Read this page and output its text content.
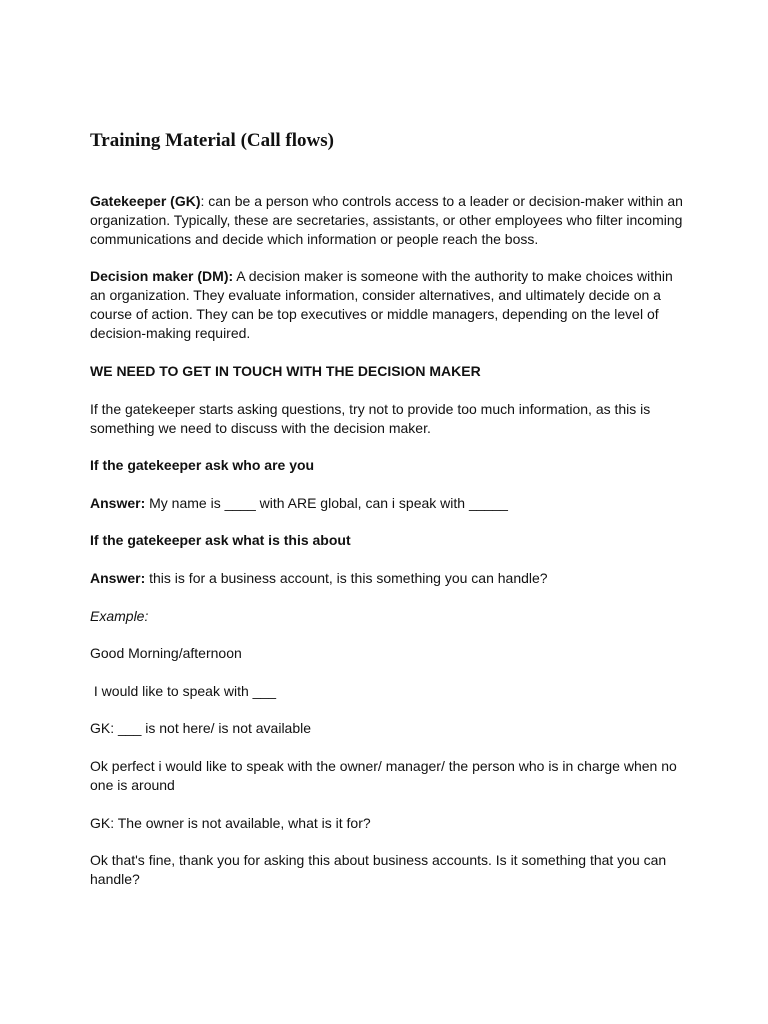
Training Material (Call flows)

Gatekeeper (GK): can be a person who controls access to a leader or decision-maker within an organization. Typically, these are secretaries, assistants, or other employees who filter incoming communications and decide which information or people reach the boss.

Decision maker (DM): A decision maker is someone with the authority to make choices within an organization. They evaluate information, consider alternatives, and ultimately decide on a course of action. They can be top executives or middle managers, depending on the level of decision-making required.

WE NEED TO GET IN TOUCH WITH THE DECISION MAKER

If the gatekeeper starts asking questions, try not to provide too much information, as this is something we need to discuss with the decision maker.

If the gatekeeper ask who are you

Answer: My name is ____ with ARE global, can i speak with _____

If the gatekeeper ask what is this about

Answer: this is for a business account, is this something you can handle?

Example:

Good Morning/afternoon

I would like to speak with ___

GK: ___ is not here/ is not available

Ok perfect i would like to speak with the owner/ manager/ the person who is in charge when no one is around

GK: The owner is not available, what is it for?

Ok that's fine, thank you for asking this about business accounts. Is it something that you can handle?
